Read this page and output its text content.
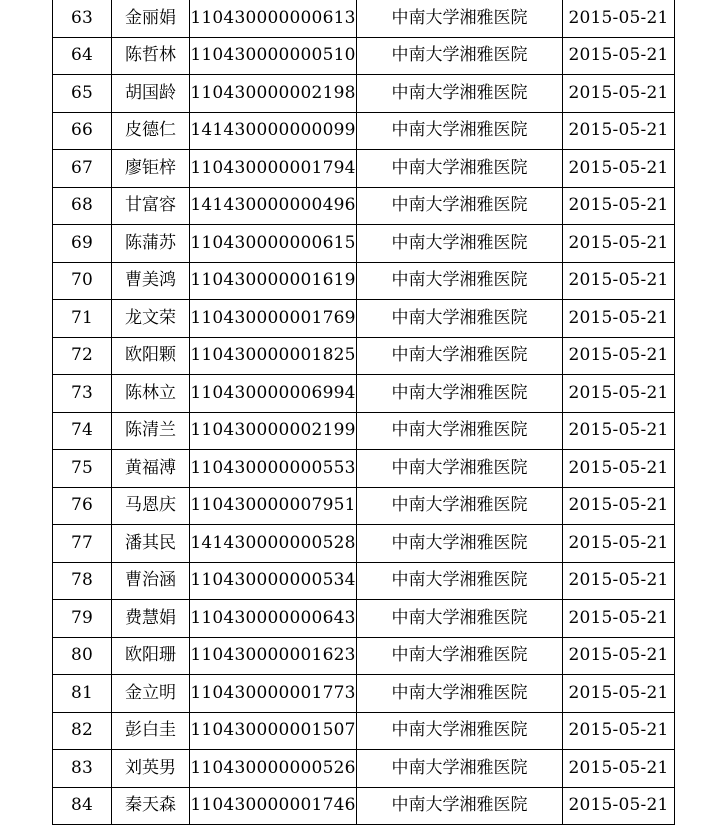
63	金丽娟	110430000000613	中南大学湘雅医院	2015-05-21
64	陈哲林	110430000000510	中南大学湘雅医院	2015-05-21
65	胡国龄	110430000002198	中南大学湘雅医院	2015-05-21
66	皮德仁	141430000000099	中南大学湘雅医院	2015-05-21
67	廖钜梓	110430000001794	中南大学湘雅医院	2015-05-21
68	甘富容	141430000000496	中南大学湘雅医院	2015-05-21
69	陈蒲苏	110430000000615	中南大学湘雅医院	2015-05-21
70	曹美鸿	110430000001619	中南大学湘雅医院	2015-05-21
71	龙文荣	110430000001769	中南大学湘雅医院	2015-05-21
72	欧阳颗	110430000001825	中南大学湘雅医院	2015-05-21
73	陈林立	110430000006994	中南大学湘雅医院	2015-05-21
74	陈清兰	110430000002199	中南大学湘雅医院	2015-05-21
75	黄福溥	110430000000553	中南大学湘雅医院	2015-05-21
76	马恩庆	110430000007951	中南大学湘雅医院	2015-05-21
77	潘其民	141430000000528	中南大学湘雅医院	2015-05-21
78	曹治涵	110430000000534	中南大学湘雅医院	2015-05-21
79	费慧娟	110430000000643	中南大学湘雅医院	2015-05-21
80	欧阳珊	110430000001623	中南大学湘雅医院	2015-05-21
81	金立明	110430000001773	中南大学湘雅医院	2015-05-21
82	彭白圭	110430000001507	中南大学湘雅医院	2015-05-21
83	刘英男	110430000000526	中南大学湘雅医院	2015-05-21
84	秦天森	110430000001746	中南大学湘雅医院	2015-05-21
